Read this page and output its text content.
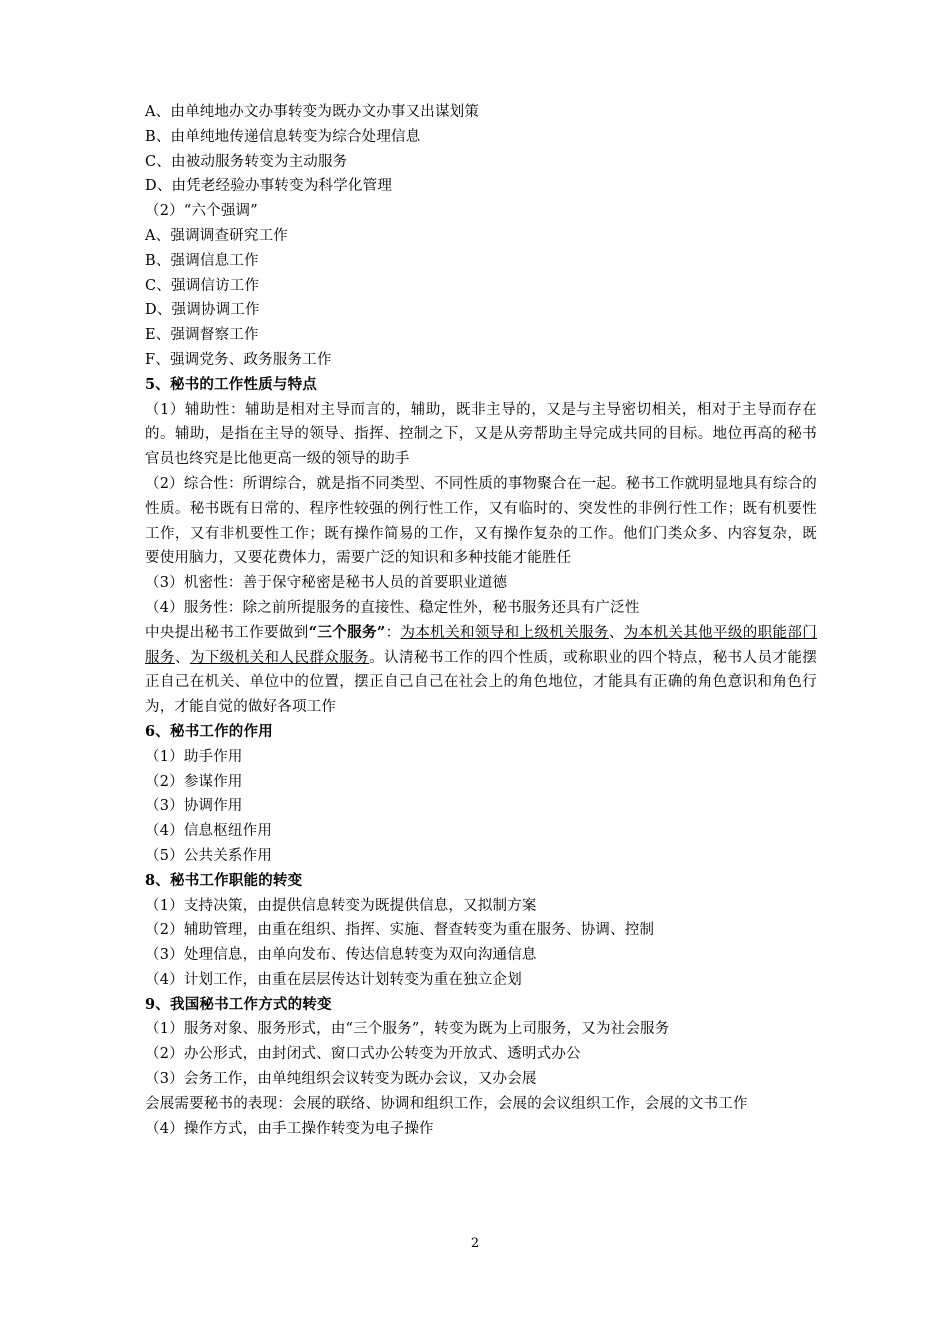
A、由单纯地办文办事转变为既办文办事又出谋划策
B、由单纯地传递信息转变为综合处理信息
C、由被动服务转变为主动服务
D、由凭老经验办事转变为科学化管理
（2）“六个强调”
A、强调调查研究工作
B、强调信息工作
C、强调信访工作
D、强调协调工作
E、强调督察工作
F、强调党务、政务服务工作
5、秘书的工作性质与特点
（1）辅助性：辅助是相对主导而言的，辅助，既非主导的，又是与主导密切相关，相对于主导而存在的。辅助，是指在主导的领导、指挥、控制之下，又是从旁帮助主导完成共同的目标。地位再高的秘书官员也终究是比他更高一级的领导的助手
（2）综合性：所谓综合，就是指不同类型、不同性质的事物聚合在一起。秘书工作就明显地具有综合的性质。秘书既有日常的、程序性较强的例行性工作，又有临时的、突发性的非例行性工作；既有机要性工作，又有非机要性工作；既有操作简易的工作，又有操作复杂的工作。他们门类众多、内容复杂，既要使用脑力，又要花费体力，需要广泛的知识和多种技能才能胜任
（3）机密性：善于保守秘密是秘书人员的首要职业道德
（4）服务性：除之前所提服务的直接性、稳定性外，秘书服务还具有广泛性
中央提出秘书工作要做到“三个服务”：为本机关和领导和上级机关服务、为本机关其他平级的职能部门服务、为下级机关和人民群众服务。认清秘书工作的四个性质，或称职业的四个特点，秘书人员才能摆正自己在机关、单位中的位置，摆正自己自己在社会上的角色地位，才能具有正确的角色意识和角色行为，才能自觉的做好各项工作
6、秘书工作的作用
（1）助手作用
（2）参谋作用
（3）协调作用
（4）信息枢纽作用
（5）公共关系作用
8、秘书工作职能的转变
（1）支持决策，由提供信息转变为既提供信息，又拟制方案
（2）辅助管理，由重在组织、指挥、实施、督查转变为重在服务、协调、控制
（3）处理信息，由单向发布、传达信息转变为双向沟通信息
（4）计划工作，由重在层层传达计划转变为重在独立企划
9、我国秘书工作方式的转变
（1）服务对象、服务形式，由“三个服务”，转变为既为上司服务，又为社会服务
（2）办公形式，由封闭式、窗口式办公转变为开放式、透明式办公
（3）会务工作，由单纯组织会议转变为既办会议，又办会展
会展需要秘书的表现：会展的联络、协调和组织工作，会展的会议组织工作，会展的文书工作
（4）操作方式，由手工操作转变为电子操作
2
